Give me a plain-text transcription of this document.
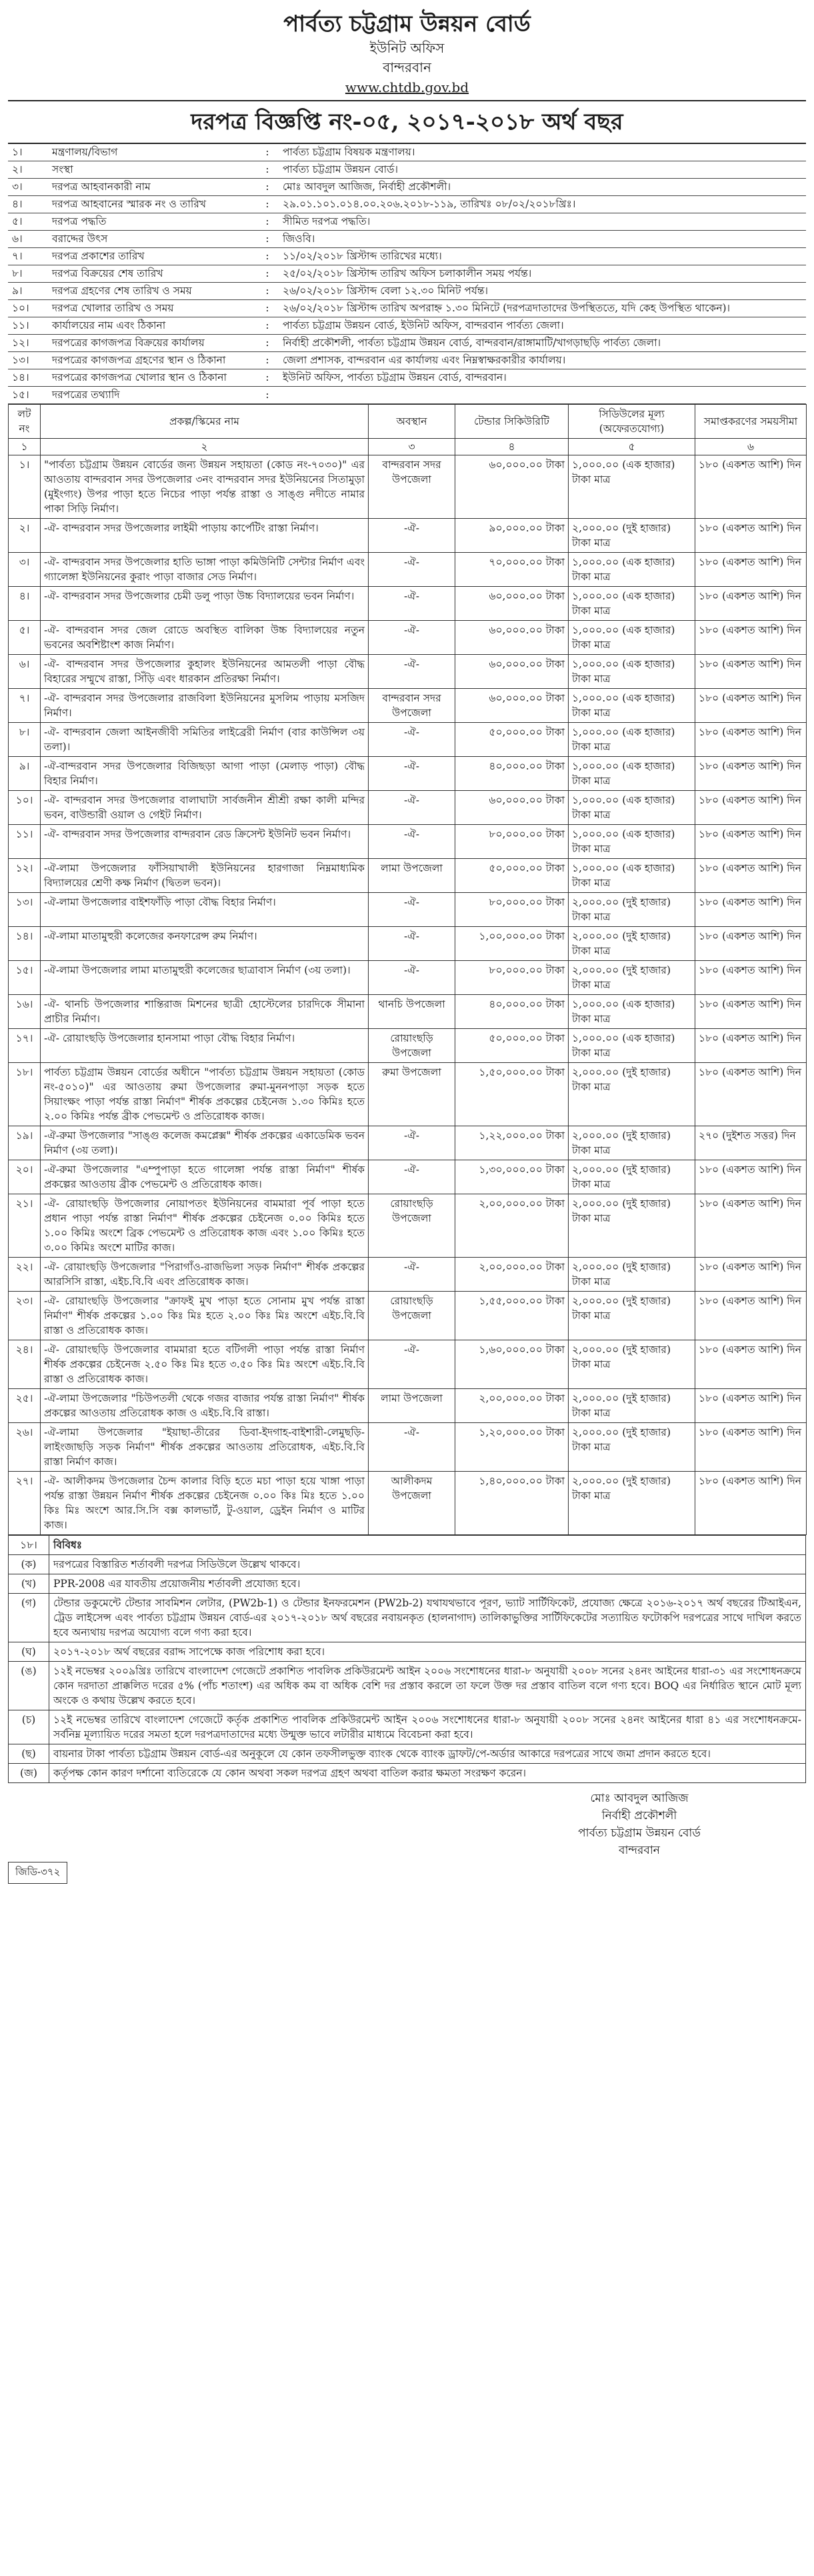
পার্বত্য চট্টগ্রাম উন্নয়ন বোর্ড
ইউনিট অফিস
বান্দরবান
www.chtdb.gov.bd
দরপত্র বিজ্ঞপ্তি নং-০৫, ২০১৭-২০১৮ অর্থ বছর
১।	মন্ত্রণালয়/বিভাগ	:	পার্বত্য চট্টগ্রাম বিষয়ক মন্ত্রণালয়।
২।	সংস্থা	:	পার্বত্য চট্টগ্রাম উন্নয়ন বোর্ড।
৩।	দরপত্র আহবানকারী নাম	:	মোঃ আবদুল আজিজ, নির্বাহী প্রকৌশলী।
৪।	দরপত্র আহবানের স্মারক নং ও তারিখ	:	২৯.০১.১০১.০১৪.০০.২০৬.২০১৮-১১৯, তারিখঃ ০৮/০২/২০১৮খ্রিঃ।
৫।	দরপত্র পদ্ধতি	:	সীমিত দরপত্র পদ্ধতি।
৬।	বরাদ্দের উৎস	:	জিওবি।
৭।	দরপত্র প্রকাশের তারিখ	:	১১/০২/২০১৮ খ্রিস্টাব্দ তারিখের মধ্যে।
৮।	দরপত্র বিক্রয়ের শেষ তারিখ	:	২৫/০২/২০১৮ খ্রিস্টাব্দ তারিখ অফিস চলাকালীন সময় পর্যন্ত।
৯।	দরপত্র গ্রহণের শেষ তারিখ ও সময়	:	২৬/০২/২০১৮ খ্রিস্টাব্দ বেলা ১২.৩০ মিনিট পর্যন্ত।
১০।	দরপত্র খোলার তারিখ ও সময়	:	২৬/০২/২০১৮ খ্রিস্টাব্দ তারিখ অপরাহ্ন ১.৩০ মিনিটে (দরপত্রদাতাদের উপস্থিততে, যদি কেহ উপস্থিত থাকেন)।
১১।	কার্যালয়ের নাম এবং ঠিকানা	:	পার্বত্য চট্টগ্রাম উন্নয়ন বোর্ড, ইউনিট অফিস, বান্দরবান পার্বত্য জেলা।
১২।	দরপত্রের কাগজপত্র বিক্রয়ের কার্যালয়	:	নির্বাহী প্রকৌশলী, পার্বত্য চট্টগ্রাম উন্নয়ন বোর্ড, বান্দরবান/রাঙ্গামাটি/খাগড়াছড়ি পার্বত্য জেলা।
১৩।	দরপত্রের কাগজপত্র গ্রহণের স্থান ও ঠিকানা	:	জেলা প্রশাসক, বান্দরবান এর কার্যালয় এবং নিম্নস্বাক্ষরকারীর কার্যালয়।
১৪।	দরপত্রের কাগজপত্র খোলার স্থান ও ঠিকানা	:	ইউনিট অফিস, পার্বত্য চট্টগ্রাম উন্নয়ন বোর্ড, বান্দরবান।
১৫।	দরপত্রের তথ্যাদি	:	
লট নং	প্রকল্প/স্কিমের নাম	অবস্থান	টেন্ডার সিকিউরিটি	সিডিউলের মূল্য (অফেরতযোগ্য)	সমাপ্তকরণের সময়সীমা
১	২	৩	৪	৫	৬
১।	"পার্বত্য চট্টগ্রাম উন্নয়ন বোর্ডের জন্য উন্নয়ন সহায়তা (কোড নং-৭০৩০)" এর আওতায় বান্দরবান সদর উপজেলার ৩নং বান্দরবান সদর ইউনিয়নের সিতামুড়া (মুইংগ্যং) উপর পাড়া হতে নিচের পাড়া পর্যন্ত রাস্তা ও সাঙ্গু নদীতে নামার পাকা সিড়ি নির্মাণ।	বান্দরবান সদর উপজেলা	৬০,০০০.০০ টাকা	১,০০০.০০ (এক হাজার) টাকা মাত্র	১৮০ (একশত আশি) দিন
২।	-ঐ- বান্দরবান সদর উপজেলার লাইমী পাড়ায় কার্পেটিং রাস্তা নির্মাণ।	-ঐ-	৯০,০০০.০০ টাকা	২,০০০.০০ (দুই হাজার) টাকা মাত্র	১৮০ (একশত আশি) দিন
৩।	-ঐ- বান্দরবান সদর উপজেলার হাতি ভাঙ্গা পাড়া কমিউনিটি সেন্টার নির্মাণ এবং গ্যালেঙ্গা ইউনিয়নের কুরাং পাড়া বাজার সেড নির্মাণ।	-ঐ-	৭০,০০০.০০ টাকা	১,০০০.০০ (এক হাজার) টাকা মাত্র	১৮০ (একশত আশি) দিন
৪।	-ঐ- বান্দরবান সদর উপজেলার চেমী ডলু পাড়া উচ্চ বিদ্যালয়ের ভবন নির্মাণ।	-ঐ-	৬০,০০০.০০ টাকা	১,০০০.০০ (এক হাজার) টাকা মাত্র	১৮০ (একশত আশি) দিন
৫।	-ঐ- বান্দরবান সদর জেল রোডে অবস্থিত বালিকা উচ্চ বিদ্যালয়ের নতুন ভবনের অবশিষ্টাংশ কাজ নির্মাণ।	-ঐ-	৬০,০০০.০০ টাকা	১,০০০.০০ (এক হাজার) টাকা মাত্র	১৮০ (একশত আশি) দিন
৬।	-ঐ- বান্দরবান সদর উপজেলার কুহালং ইউনিয়নের আমতলী পাড়া বৌদ্ধ বিহারের সম্মুখে রাস্তা, সিঁড়ি এবং ধারকান প্রতিরক্ষা নির্মাণ।	-ঐ-	৬০,০০০.০০ টাকা	১,০০০.০০ (এক হাজার) টাকা মাত্র	১৮০ (একশত আশি) দিন
৭।	-ঐ- বান্দরবান সদর উপজেলার রাজবিলা ইউনিয়নের মুসলিম পাড়ায় মসজিদ নির্মাণ।	বান্দরবান সদর উপজেলা	৬০,০০০.০০ টাকা	১,০০০.০০ (এক হাজার) টাকা মাত্র	১৮০ (একশত আশি) দিন
৮।	-ঐ- বান্দরবান জেলা আইনজীবী সমিতির লাইব্রেরী নির্মাণ (বার কাউন্সিল ৩য় তলা)।	-ঐ-	৫০,০০০.০০ টাকা	১,০০০.০০ (এক হাজার) টাকা মাত্র	১৮০ (একশত আশি) দিন
৯।	-ঐ-বান্দরবান সদর উপজেলার বিজিছড়া আগা পাড়া (মেলাড় পাড়া) বৌদ্ধ বিহার নির্মাণ।	-ঐ-	৪০,০০০.০০ টাকা	১,০০০.০০ (এক হাজার) টাকা মাত্র	১৮০ (একশত আশি) দিন
১০।	-ঐ- বান্দরবান সদর উপজেলার বালাঘাটা সার্বজনীন শ্রীশ্রী রক্ষা কালী মন্দির ভবন, বাউন্ডারী ওয়াল ও গেইট নির্মাণ।	-ঐ-	৬০,০০০.০০ টাকা	১,০০০.০০ (এক হাজার) টাকা মাত্র	১৮০ (একশত আশি) দিন
১১।	-ঐ- বান্দরবান সদর উপজেলার বান্দরবান রেড ক্রিসেন্ট ইউনিট ভবন নির্মাণ।	-ঐ-	৮০,০০০.০০ টাকা	১,০০০.০০ (এক হাজার) টাকা মাত্র	১৮০ (একশত আশি) দিন
১২।	-ঐ-লামা উপজেলার ফাঁসিয়াখালী ইউনিয়নের হারগাজা নিম্নমাধ্যমিক বিদ্যালয়ের শ্রেণী কক্ষ নির্মাণ (দ্বিতল ভবন)।	লামা উপজেলা	৫০,০০০.০০ টাকা	১,০০০.০০ (এক হাজার) টাকা মাত্র	১৮০ (একশত আশি) দিন
১৩।	-ঐ-লামা উপজেলার বাইশফাঁড়ি পাড়া বৌদ্ধ বিহার নির্মাণ।	-ঐ-	৮০,০০০.০০ টাকা	২,০০০.০০ (দুই হাজার) টাকা মাত্র	১৮০ (একশত আশি) দিন
১৪।	-ঐ-লামা মাতামুহুরী কলেজের কনফারেন্স রুম নির্মাণ।	-ঐ-	১,০০,০০০.০০ টাকা	২,০০০.০০ (দুই হাজার) টাকা মাত্র	১৮০ (একশত আশি) দিন
১৫।	-ঐ-লামা উপজেলার লামা মাতামুহুরী কলেজের ছাত্রাবাস নির্মাণ (৩য় তলা)।	-ঐ-	৮০,০০০.০০ টাকা	২,০০০.০০ (দুই হাজার) টাকা মাত্র	১৮০ (একশত আশি) দিন
১৬।	-ঐ- থানচি উপজেলার শান্তিরাজ মিশনের ছাত্রী হোস্টেলের চারদিকে সীমানা প্রাচীর নির্মাণ।	থানচি উপজেলা	৪০,০০০.০০ টাকা	১,০০০.০০ (এক হাজার) টাকা মাত্র	১৮০ (একশত আশি) দিন
১৭।	-ঐ- রোয়াংছড়ি উপজেলার হানসামা পাড়া বৌদ্ধ বিহার নির্মাণ।	রোয়াংছড়ি উপজেলা	৫০,০০০.০০ টাকা	১,০০০.০০ (এক হাজার) টাকা মাত্র	১৮০ (একশত আশি) দিন
১৮।	পার্বত্য চট্টগ্রাম উন্নয়ন বোর্ডের অধীনে "পার্বত্য চট্টগ্রাম উন্নয়ন সহায়তা (কোড নং-৫০১০)" এর আওতায় রুমা উপজেলার রুমা-মুননপাড়া সড়ক হতে সিয়াংক্ষং পাড়া পর্যন্ত রাস্তা নির্মাণ" শীর্ষক প্রকল্পের চেইনেজ ১.৩০ কিমিঃ হতে ২.০০ কিমিঃ পর্যন্ত ব্রীক পেভমেন্ট ও প্রতিরোধক কাজ।	রুমা উপজেলা	১,৫০,০০০.০০ টাকা	২,০০০.০০ (দুই হাজার) টাকা মাত্র	১৮০ (একশত আশি) দিন
১৯।	-ঐ-রুমা উপজেলার "সাঙ্গু কলেজ কমপ্লেক্স" শীর্ষক প্রকল্পের একাডেমিক ভবন নির্মাণ (৩য় তলা)।	-ঐ-	১,২২,০০০.০০ টাকা	২,০০০.০০ (দুই হাজার) টাকা মাত্র	২৭০ (দুইশত সত্তর) দিন
২০।	-ঐ-রুমা উপজেলার "এম্পুপাড়া হতে গালেঙ্গা পর্যন্ত রাস্তা নির্মাণ" শীর্ষক প্রকল্পের আওতায় ব্রীক পেভমেন্ট ও প্রতিরোধক কাজ।	-ঐ-	১,৩০,০০০.০০ টাকা	২,০০০.০০ (দুই হাজার) টাকা মাত্র	১৮০ (একশত আশি) দিন
২১।	-ঐ- রোয়াংছড়ি উপজেলার নোয়াপতং ইউনিয়নের বামমারা পূর্ব পাড়া হতে প্রধান পাড়া পর্যন্ত রাস্তা নির্মাণ" শীর্ষক প্রকল্পের চেইনেজ ০.০০ কিমিঃ হতে ১.০০ কিমিঃ অংশে ব্রিক পেভমেন্ট ও প্রতিরোধক কাজ এবং ১.০০ কিমিঃ হতে ৩.০০ কিমিঃ অংশে মাটির কাজ।	রোয়াংছড়ি উপজেলা	২,০০,০০০.০০ টাকা	২,০০০.০০ (দুই হাজার) টাকা মাত্র	১৮০ (একশত আশি) দিন
২২।	-ঐ- রোয়াংছড়ি উপজেলার "পিরাগাঁও-রাজভিলা সড়ক নির্মাণ" শীর্ষক প্রকল্পের আরসিসি রাস্তা, এইচ.বি.বি এবং প্রতিরোধক কাজ।	-ঐ-	২,০০,০০০.০০ টাকা	২,০০০.০০ (দুই হাজার) টাকা মাত্র	১৮০ (একশত আশি) দিন
২৩।	-ঐ- রোয়াংছড়ি উপজেলার "ক্রাফই মুখ পাড়া হতে সোনাম মুখ পর্যন্ত রাস্তা নির্মাণ" শীর্ষক প্রকল্পের ১.০০ কিঃ মিঃ হতে ২.০০ কিঃ মিঃ অংশে এইচ.বি.বি রাস্তা ও প্রতিরোধক কাজ।	রোয়াংছড়ি উপজেলা	১,৫৫,০০০.০০ টাকা	২,০০০.০০ (দুই হাজার) টাকা মাত্র	১৮০ (একশত আশি) দিন
২৪।	-ঐ- রোয়াংছড়ি উপজেলার বামমারা হতে বটিগলী পাড়া পর্যন্ত রাস্তা নির্মাণ শীর্ষক প্রকল্পের চেইনেজ ২.৫০ কিঃ মিঃ হতে ৩.৫০ কিঃ মিঃ অংশে এইচ.বি.বি রাস্তা ও প্রতিরোধক কাজ।	-ঐ-	১,৬০,০০০.০০ টাকা	২,০০০.০০ (দুই হাজার) টাকা মাত্র	১৮০ (একশত আশি) দিন
২৫।	-ঐ-লামা উপজেলার "চিউপতলী থেকে গজর বাজার পর্যন্ত রাস্তা নির্মাণ" শীর্ষক প্রকল্পের আওতায় প্রতিরোধক কাজ ও এইচ.বি.বি রাস্তা।	লামা উপজেলা	২,০০,০০০.০০ টাকা	২,০০০.০০ (দুই হাজার) টাকা মাত্র	১৮০ (একশত আশি) দিন
২৬।	-ঐ-লামা উপজেলার "ইয়াছা-তীরের ডিবা-ইদগাহ-বাইশারী-লেমুছড়ি-লাইংজাছড়ি সড়ক নির্মাণ" শীর্ষক প্রকল্পের আওতায় প্রতিরোধক, এইচ.বি.বি রাস্তা নির্মাণ কাজ।	-ঐ-	১,২০,০০০.০০ টাকা	২,০০০.০০ (দুই হাজার) টাকা মাত্র	১৮০ (একশত আশি) দিন
২৭।	-ঐ- আলীকদম উপজেলার চৈন্দ কালার বিড়ি হতে মচা পাড়া হয়ে খাঙ্গা পাড়া পর্যন্ত রাস্তা উন্নয়ন নির্মাণ শীর্ষক প্রকল্পের চেইনেজ ০.০০ কিঃ মিঃ হতে ১.০০ কিঃ মিঃ অংশে আর.সি.সি বক্স কালভার্ট, টু-ওয়াল, ড্রেইন নির্মাণ ও মাটির কাজ।	আলীকদম উপজেলা	১,৪০,০০০.০০ টাকা	২,০০০.০০ (দুই হাজার) টাকা মাত্র	১৮০ (একশত আশি) দিন
১৮।	বিবিধঃ
(ক)	দরপত্রের বিস্তারিত শর্তাবলী দরপত্র সিডিউলে উল্লেখ থাকবে।
(খ)	PPR-2008 এর যাবতীয় প্রয়োজনীয় শর্তাবলী প্রযোজ্য হবে।
(গ)	টেন্ডার ডকুমেন্টে টেন্ডার সাবমিশন লেটার, (PW2b-1) ও টেন্ডার ইনফরমেশন (PW2b-2) যথাযথভাবে পূরণ, ভ্যাট সার্টিফিকেট, প্রযোজ্য ক্ষেত্রে ২০১৬-২০১৭ অর্থ বছরের টিআইএন, ট্রেড লাইসেন্স এবং পার্বত্য চট্টগ্রাম উন্নয়ন বোর্ড-এর ২০১৭-২০১৮ অর্থ বছরের নবায়নকৃত (হালনাগাদ) তালিকাভুক্তির সার্টিফিকেটের সত্যায়িত ফটোকপি দরপত্রের সাথে দাখিল করতে হবে অন্যথায় দরপত্র অযোগ্য বলে গণ্য করা হবে।
(ঘ)	২০১৭-২০১৮ অর্থ বছরের বরাদ্দ সাপেক্ষে কাজ পরিশোধ করা হবে।
(ঙ)	১২ই নভেম্বর ২০০৯খ্রিঃ তারিখে বাংলাদেশ গেজেটে প্রকাশিত পাবলিক প্রকিউরমেন্ট আইন ২০০৬ সংশোধনের ধারা-৮ অনুযায়ী ২০০৮ সনের ২৪নং আইনের ধারা-৩১ এর সংশোধনক্রমে কোন দরদাতা প্রাক্কলিত দরের ৫% (পাঁচ শতাংশ) এর অধিক কম বা অধিক বেশি দর প্রস্তাব করলে তা ফলে উক্ত দর প্রস্তাব বাতিল বলে গণ্য হবে। BOQ এর নির্ধারিত স্থানে মোট মূল্য অংকে ও কথায় উল্লেখ করতে হবে।
(চ)	১২ই নভেম্বর তারিখে বাংলাদেশ গেজেটে কর্তৃক প্রকাশিত পাবলিক প্রকিউরমেন্ট আইন ২০০৬ সংশোধনের ধারা-৮ অনুযায়ী ২০০৮ সনের ২৪নং আইনের ধারা ৪১ এর সংশোধনক্রমে- সর্বনিম্ন মূল্যায়িত দরের সমতা হলে দরপত্রদাতাদের মধ্যে উন্মুক্ত ভাবে লটারীর মাধ্যমে বিবেচনা করা হবে।
(ছ)	বায়নার টাকা পার্বত্য চট্টগ্রাম উন্নয়ন বোর্ড-এর অনুকূলে যে কোন তফসীলভুক্ত ব্যাংক থেকে ব্যাংক ড্রাফট/পে-অর্ডার আকারে দরপত্রের সাথে জমা প্রদান করতে হবে।
(জ)	কর্তৃপক্ষ কোন কারণ দর্শানো ব্যতিরেকে যে কোন অথবা সকল দরপত্র গ্রহণ অথবা বাতিল করার ক্ষমতা সংরক্ষণ করেন।
মোঃ আবদুল আজিজ
নির্বাহী প্রকৌশলী
পার্বত্য চট্টগ্রাম উন্নয়ন বোর্ড
বান্দরবান
জিডি-৩৭২
